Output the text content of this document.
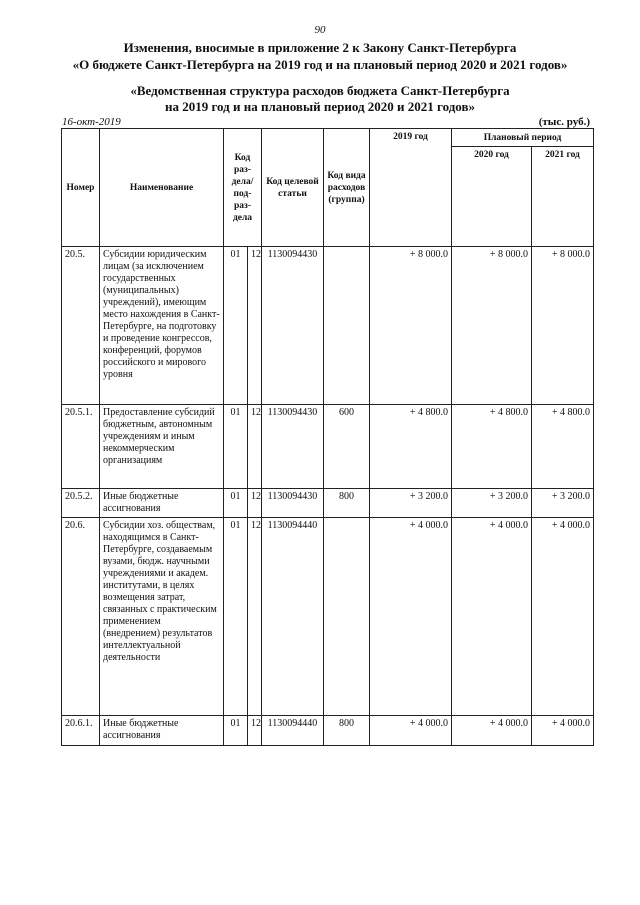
90
Изменения, вносимые в приложение 2 к Закону Санкт-Петербурга
«О бюджете Санкт-Петербурга на 2019 год и на плановый период 2020 и 2021 годов»
«Ведомственная структура расходов бюджета Санкт-Петербурга
на 2019 год и на плановый период 2020 и 2021 годов»
16-окт-2019	(тыс. руб.)
Номер	Наименование	Код раз- дела/ под- раз- дела		Код целевой статьи	Код вида расходов (группа)	2019 год	Плановый период	
							2020 год	2021 год
20.5.	Субсидии юридическим лицам (за исключением государственных (муниципальных) учреждений), имеющим место нахождения в Санкт-Петербурге, на подготовку и проведение конгрессов, конференций, форумов российского и мирового уровня	01	12	1130094430		+ 8 000.0	+ 8 000.0	+ 8 000.0
20.5.1.	Предоставление субсидий бюджетным, автономным учреждениям и иным некоммерческим организациям	01	12	1130094430	600	+ 4 800.0	+ 4 800.0	+ 4 800.0
20.5.2.	Иные бюджетные ассигнования	01	12	1130094430	800	+ 3 200.0	+ 3 200.0	+ 3 200.0
20.6.	Субсидии хоз. обществам, находящимся в Санкт-Петербурге, создаваемым вузами, бюдж. научными учреждениями и академ. институтами, в целях возмещения затрат, связанных с практическим применением (внедрением) результатов интеллектуальной деятельности	01	12	1130094440		+ 4 000.0	+ 4 000.0	+ 4 000.0
20.6.1.	Иные бюджетные ассигнования	01	12	1130094440	800	+ 4 000.0	+ 4 000.0	+ 4 000.0
